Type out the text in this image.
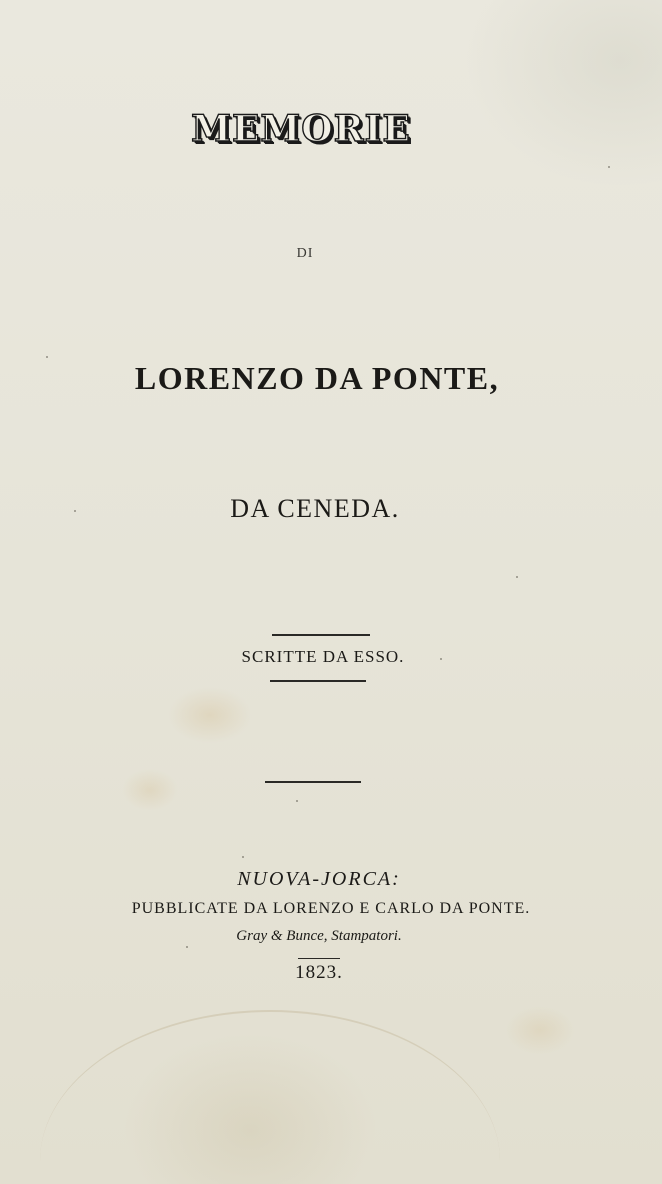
MEMORIE
DI
LORENZO DA PONTE,
DA CENEDA.
SCRITTE DA ESSO.
NUOVA-JORCA:
PUBBLICATE DA LORENZO E CARLO DA PONTE.
Gray & Bunce, Stampatori.
1823.
